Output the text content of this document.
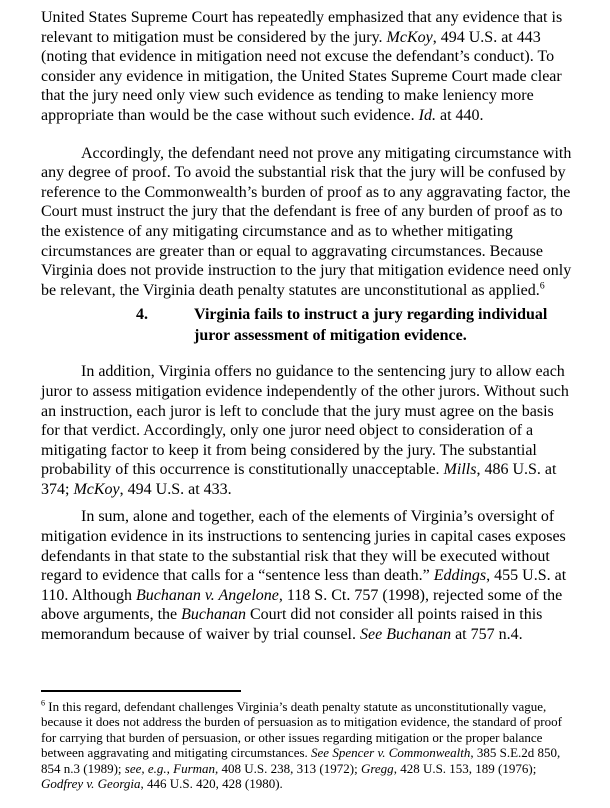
United States Supreme Court has repeatedly emphasized that any evidence that is relevant to mitigation must be considered by the jury. McKoy, 494 U.S. at 443 (noting that evidence in mitigation need not excuse the defendant’s conduct). To consider any evidence in mitigation, the United States Supreme Court made clear that the jury need only view such evidence as tending to make leniency more appropriate than would be the case without such evidence. Id. at 440.

Accordingly, the defendant need not prove any mitigating circumstance with any degree of proof. To avoid the substantial risk that the jury will be confused by reference to the Commonwealth’s burden of proof as to any aggravating factor, the Court must instruct the jury that the defendant is free of any burden of proof as to the existence of any mitigating circumstance and as to whether mitigating circumstances are greater than or equal to aggravating circumstances. Because Virginia does not provide instruction to the jury that mitigation evidence need only be relevant, the Virginia death penalty statutes are unconstitutional as applied.$^6$

4.	Virginia fails to instruct a jury regarding individual juror assessment of mitigation evidence.

In addition, Virginia offers no guidance to the sentencing jury to allow each juror to assess mitigation evidence independently of the other jurors. Without such an instruction, each juror is left to conclude that the jury must agree on the basis for that verdict. Accordingly, only one juror need object to consideration of a mitigating factor to keep it from being considered by the jury. The substantial probability of this occurrence is constitutionally unacceptable. Mills, 486 U.S. at 374; McKoy, 494 U.S. at 433.

In sum, alone and together, each of the elements of Virginia’s oversight of mitigation evidence in its instructions to sentencing juries in capital cases exposes defendants in that state to the substantial risk that they will be executed without regard to evidence that calls for a “sentence less than death.” Eddings, 455 U.S. at 110. Although Buchanan v. Angelone, 118 S. Ct. 757 (1998), rejected some of the above arguments, the Buchanan Court did not consider all points raised in this memorandum because of waiver by trial counsel. See Buchanan at 757 n.4.

$^6$ In this regard, defendant challenges Virginia’s death penalty statute as unconstitutionally vague, because it does not address the burden of persuasion as to mitigation evidence, the standard of proof for carrying that burden of persuasion, or other issues regarding mitigation or the proper balance between aggravating and mitigating circumstances. See Spencer v. Commonwealth, 385 S.E.2d 850, 854 n.3 (1989); see, e.g., Furman, 408 U.S. 238, 313 (1972); Gregg, 428 U.S. 153, 189 (1976); Godfrey v. Georgia, 446 U.S. 420, 428 (1980).
